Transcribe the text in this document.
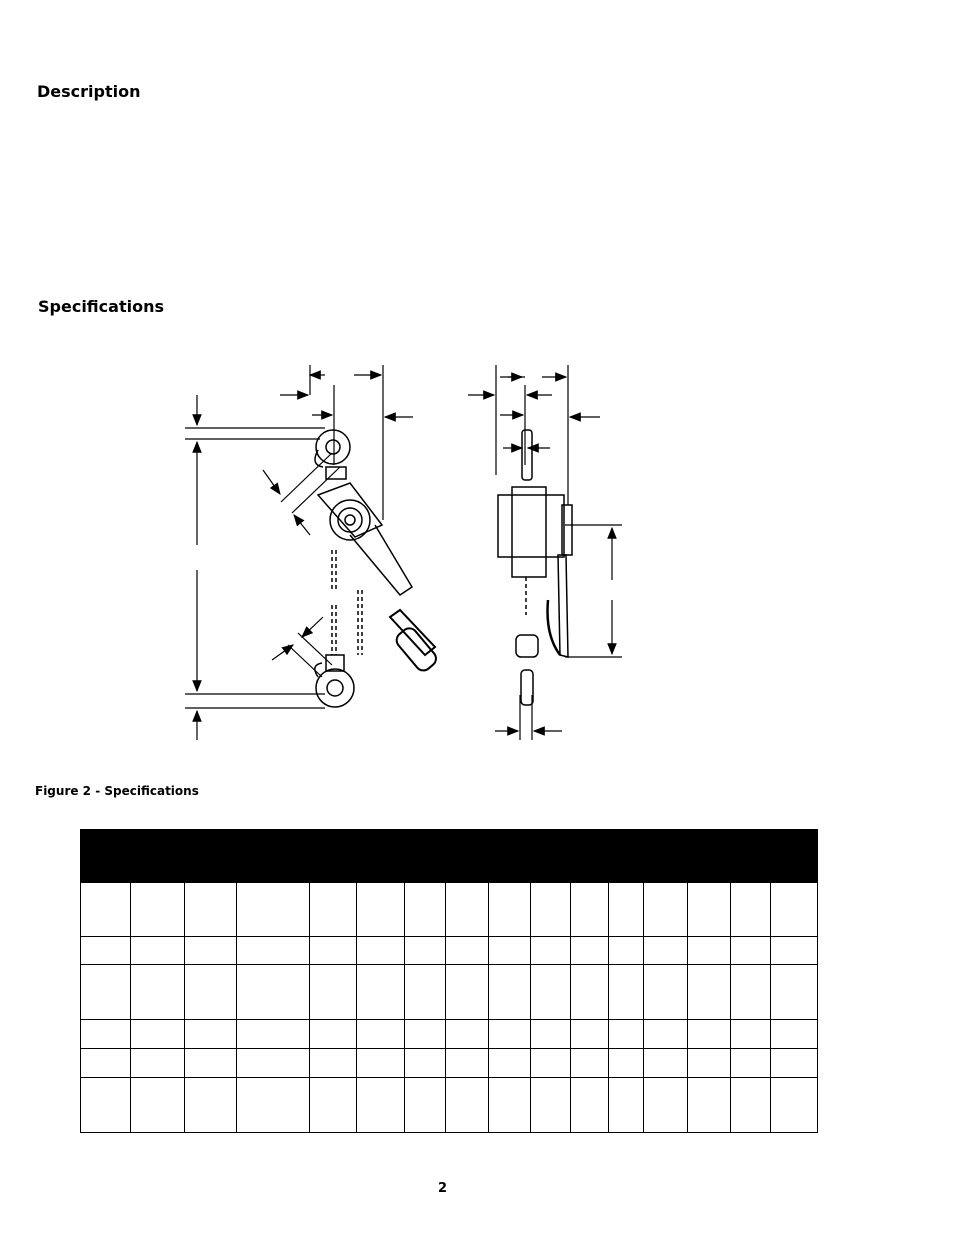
Description
Specifications
Figure 2 - Specifications

2
